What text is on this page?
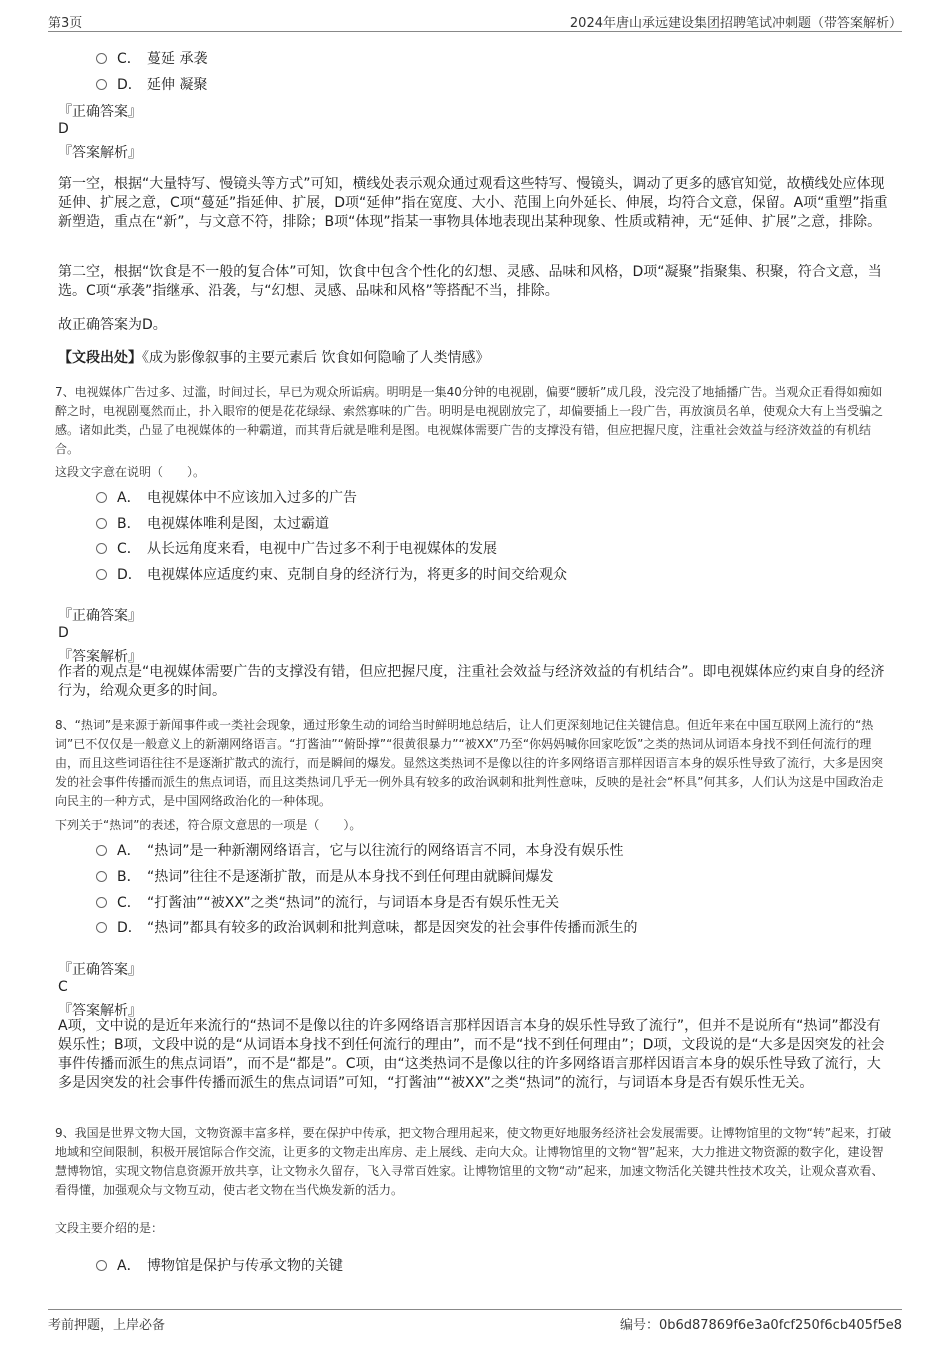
第3页	2024年唐山承远建设集团招聘笔试冲刺题（带答案解析）
C． 蔓延 承袭
D． 延伸 凝聚
『正确答案』
D
『答案解析』
第一空，根据“大量特写、慢镜头等方式”可知，横线处表示观众通过观看这些特写、慢镜头，调动了更多的感官知觉，故横线处应体现延伸、扩展之意，C项“蔓延”指延伸、扩展，D项“延伸”指在宽度、大小、范围上向外延长、伸展，均符合文意，保留。A项“重塑”指重新塑造，重点在“新”，与文意不符，排除；B项“体现”指某一事物具体地表现出某种现象、性质或精神，无“延伸、扩展”之意，排除。
第二空，根据“饮食是不一般的复合体”可知，饮食中包含个性化的幻想、灵感、品味和风格，D项“凝聚”指聚集、积聚，符合文意，当选。C项“承袭”指继承、沿袭，与“幻想、灵感、品味和风格”等搭配不当，排除。
故正确答案为D。
【文段出处】《成为影像叙事的主要元素后 饮食如何隐喻了人类情感》
7、电视媒体广告过多、过滥，时间过长，早已为观众所诟病。明明是一集40分钟的电视剧，偏要“腰斩”成几段，没完没了地插播广告。当观众正看得如痴如醉之时，电视剧戛然而止，扑入眼帘的便是花花绿绿、索然寡味的广告。明明是电视剧放完了，却偏要插上一段广告，再放演员名单，使观众大有上当受骗之感。诸如此类，凸显了电视媒体的一种霸道，而其背后就是唯利是图。电视媒体需要广告的支撑没有错，但应把握尺度，注重社会效益与经济效益的有机结合。
这段文字意在说明（　　）。
A． 电视媒体中不应该加入过多的广告
B． 电视媒体唯利是图，太过霸道
C． 从长远角度来看，电视中广告过多不利于电视媒体的发展
D． 电视媒体应适度约束、克制自身的经济行为，将更多的时间交给观众
『正确答案』
D
『答案解析』
作者的观点是“电视媒体需要广告的支撑没有错，但应把握尺度，注重社会效益与经济效益的有机结合”。即电视媒体应约束自身的经济行为，给观众更多的时间。
8、“热词”是来源于新闻事件或一类社会现象，通过形象生动的词给当时鲜明地总结后，让人们更深刻地记住关键信息。但近年来在中国互联网上流行的“热词”已不仅仅是一般意义上的新潮网络语言。“打酱油”“俯卧撑”“很黄很暴力”“被XX”乃至“你妈妈喊你回家吃饭”之类的热词从词语本身找不到任何流行的理由，而且这些词语往往不是逐渐扩散式的流行，而是瞬间的爆发。显然这类热词不是像以往的许多网络语言那样因语言本身的娱乐性导致了流行，大多是因突发的社会事件传播而派生的焦点词语，而且这类热词几乎无一例外具有较多的政治讽刺和批判性意味，反映的是社会“杯具”何其多，人们认为这是中国政治走向民主的一种方式，是中国网络政治化的一种体现。
下列关于“热词”的表述，符合原文意思的一项是（　　）。
A． “热词”是一种新潮网络语言，它与以往流行的网络语言不同，本身没有娱乐性
B． “热词”往往不是逐渐扩散，而是从本身找不到任何理由就瞬间爆发
C． “打酱油”“被XX”之类“热词”的流行，与词语本身是否有娱乐性无关
D． “热词”都具有较多的政治讽刺和批判意味，都是因突发的社会事件传播而派生的
『正确答案』
C
『答案解析』
A项，文中说的是近年来流行的“热词不是像以往的许多网络语言那样因语言本身的娱乐性导致了流行”，但并不是说所有“热词”都没有娱乐性；B项，文段中说的是“从词语本身找不到任何流行的理由”，而不是“找不到任何理由”；D项，文段说的是“大多是因突发的社会事件传播而派生的焦点词语”，而不是“都是”。C项，由“这类热词不是像以往的许多网络语言那样因语言本身的娱乐性导致了流行，大多是因突发的社会事件传播而派生的焦点词语”可知，“打酱油”“被XX”之类“热词”的流行，与词语本身是否有娱乐性无关。
9、我国是世界文物大国，文物资源丰富多样，要在保护中传承，把文物合理用起来，使文物更好地服务经济社会发展需要。让博物馆里的文物“转”起来，打破地域和空间限制，积极开展馆际合作交流，让更多的文物走出库房、走上展线、走向大众。让博物馆里的文物“智”起来，大力推进文物资源的数字化，建设智慧博物馆，实现文物信息资源开放共享，让文物永久留存，飞入寻常百姓家。让博物馆里的文物“动”起来，加速文物活化关键共性技术攻关，让观众喜欢看、看得懂，加强观众与文物互动，使古老文物在当代焕发新的活力。
文段主要介绍的是：
A． 博物馆是保护与传承文物的关键
考前押题，上岸必备	编号：0b6d87869f6e3a0fcf250f6cb405f5e8
